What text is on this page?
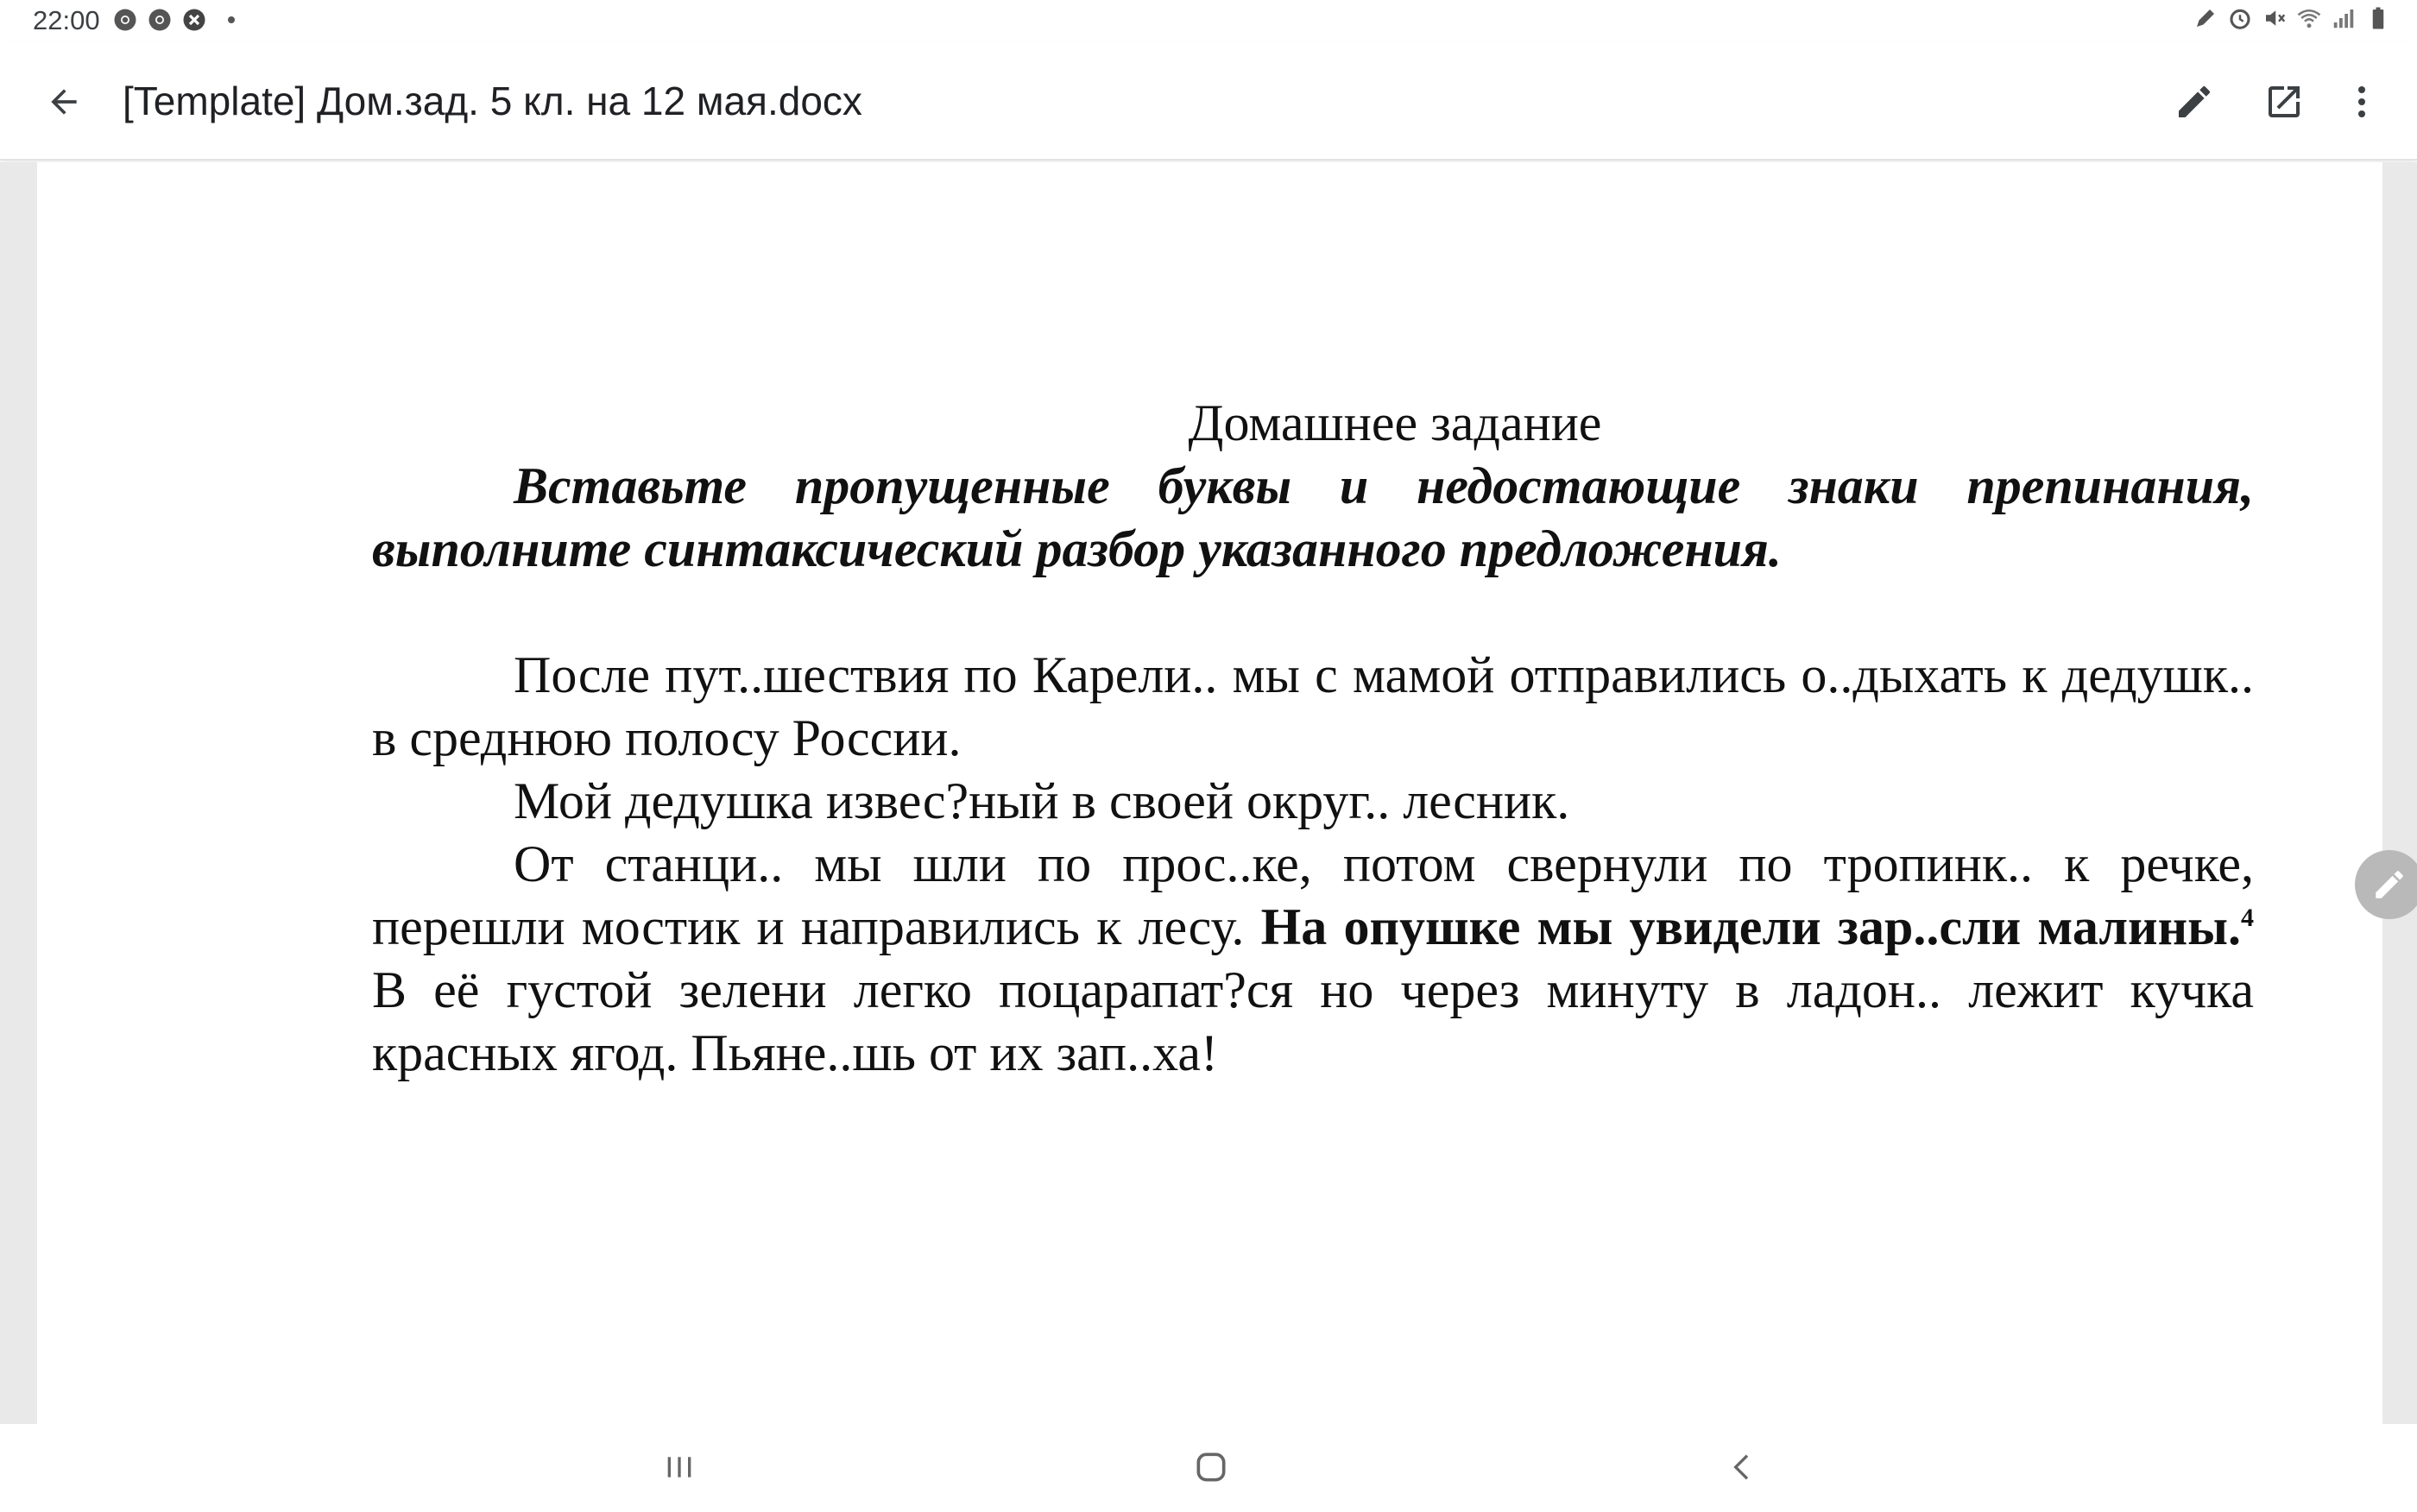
22:00
[Template] Дом.зад. 5 кл. на 12 мая.docx

Домашнее задание

Вставьте пропущенные буквы и недостающие знаки препинания, выполните синтаксический разбор указанного предложения.

После пут..шествия по Карели.. мы с мамой отправились о..дыхать к дедушк.. в среднюю полосу России.

Мой дедушка извес?ный в своей округ.. лесник.

От станци.. мы шли по прос..ке, потом свернули по тропинк.. к речке, перешли мостик и направились к лесу. На опушке мы увидели зар..сли малины.$^4$ В её густой зелени легко поцарапат?ся но через минуту в ладон.. лежит кучка красных ягод. Пьяне..шь от их зап..ха!
